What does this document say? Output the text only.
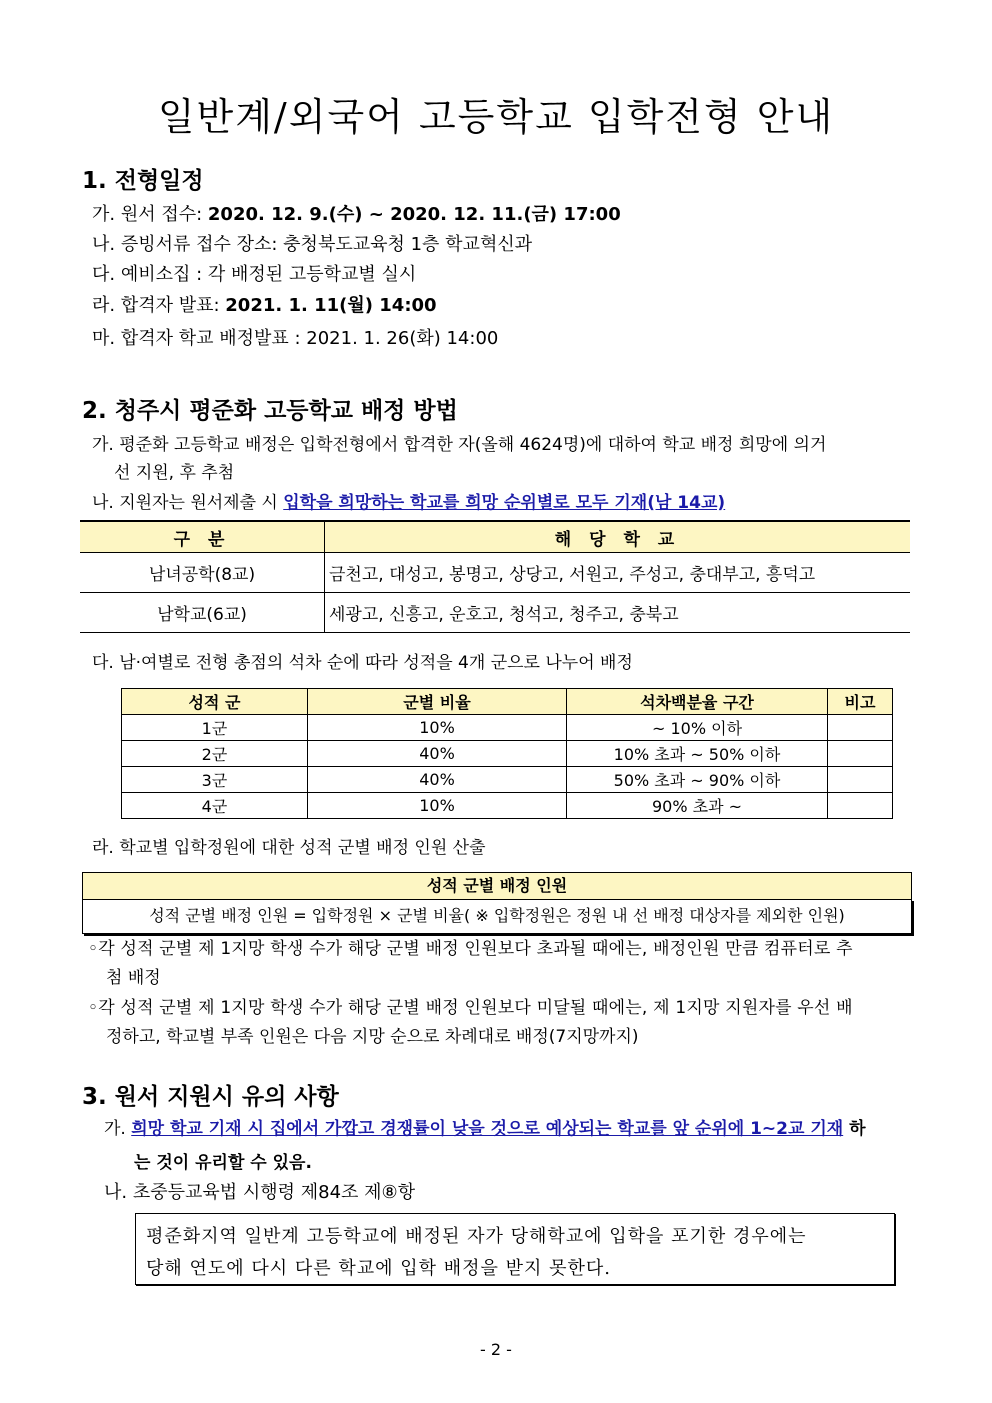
일반계/외국어 고등학교 입학전형 안내
1. 전형일정
가. 원서 접수: 2020. 12. 9.(수) ~ 2020. 12. 11.(금) 17:00
나. 증빙서류 접수 장소: 충청북도교육청 1층 학교혁신과
다. 예비소집 : 각 배정된 고등학교별 실시
라. 합격자 발표: 2021. 1. 11(월) 14:00
마. 합격자 학교 배정발표 : 2021. 1. 26(화) 14:00
2. 청주시 평준화 고등학교 배정 방법
가. 평준화 고등학교 배정은 입학전형에서 합격한 자(올해 4624명)에 대하여 학교 배정 희망에 의거
선 지원, 후 추첨
나. 지원자는 원서제출 시 입학을 희망하는 학교를 희망 순위별로 모두 기재(남 14교)
구 분	해 당 학 교
남녀공학(8교)	금천고, 대성고, 봉명고, 상당고, 서원고, 주성고, 충대부고, 흥덕고
남학교(6교)	세광고, 신흥고, 운호고, 청석고, 청주고, 충북고
다. 남·여별로 전형 총점의 석차 순에 따라 성적을 4개 군으로 나누어 배정
성적 군	군별 비율	석차백분율 구간	비고
1군	10%	~ 10% 이하	
2군	40%	10% 초과 ~ 50% 이하	
3군	40%	50% 초과 ~ 90% 이하	
4군	10%	90% 초과 ~	
라. 학교별 입학정원에 대한 성적 군별 배정 인원 산출
성적 군별 배정 인원
성적 군별 배정 인원 = 입학정원 × 군별 비율( ※ 입학정원은 정원 내 선 배정 대상자를 제외한 인원)
◦각 성적 군별 제 1지망 학생 수가 해당 군별 배정 인원보다 초과될 때에는, 배정인원 만큼 컴퓨터로 추
첨 배정
◦각 성적 군별 제 1지망 학생 수가 해당 군별 배정 인원보다 미달될 때에는, 제 1지망 지원자를 우선 배
정하고, 학교별 부족 인원은 다음 지망 순으로 차례대로 배정(7지망까지)
3. 원서 지원시 유의 사항
가. 희망 학교 기재 시 집에서 가깝고 경쟁률이 낮을 것으로 예상되는 학교를 앞 순위에 1~2교 기재 하
는 것이 유리할 수 있음.
나. 초중등교육법 시행령 제84조 제⑧항
평준화지역 일반계 고등학교에 배정된 자가 당해학교에 입학을 포기한 경우에는
당해 연도에 다시 다른 학교에 입학 배정을 받지 못한다.
- 2 -
